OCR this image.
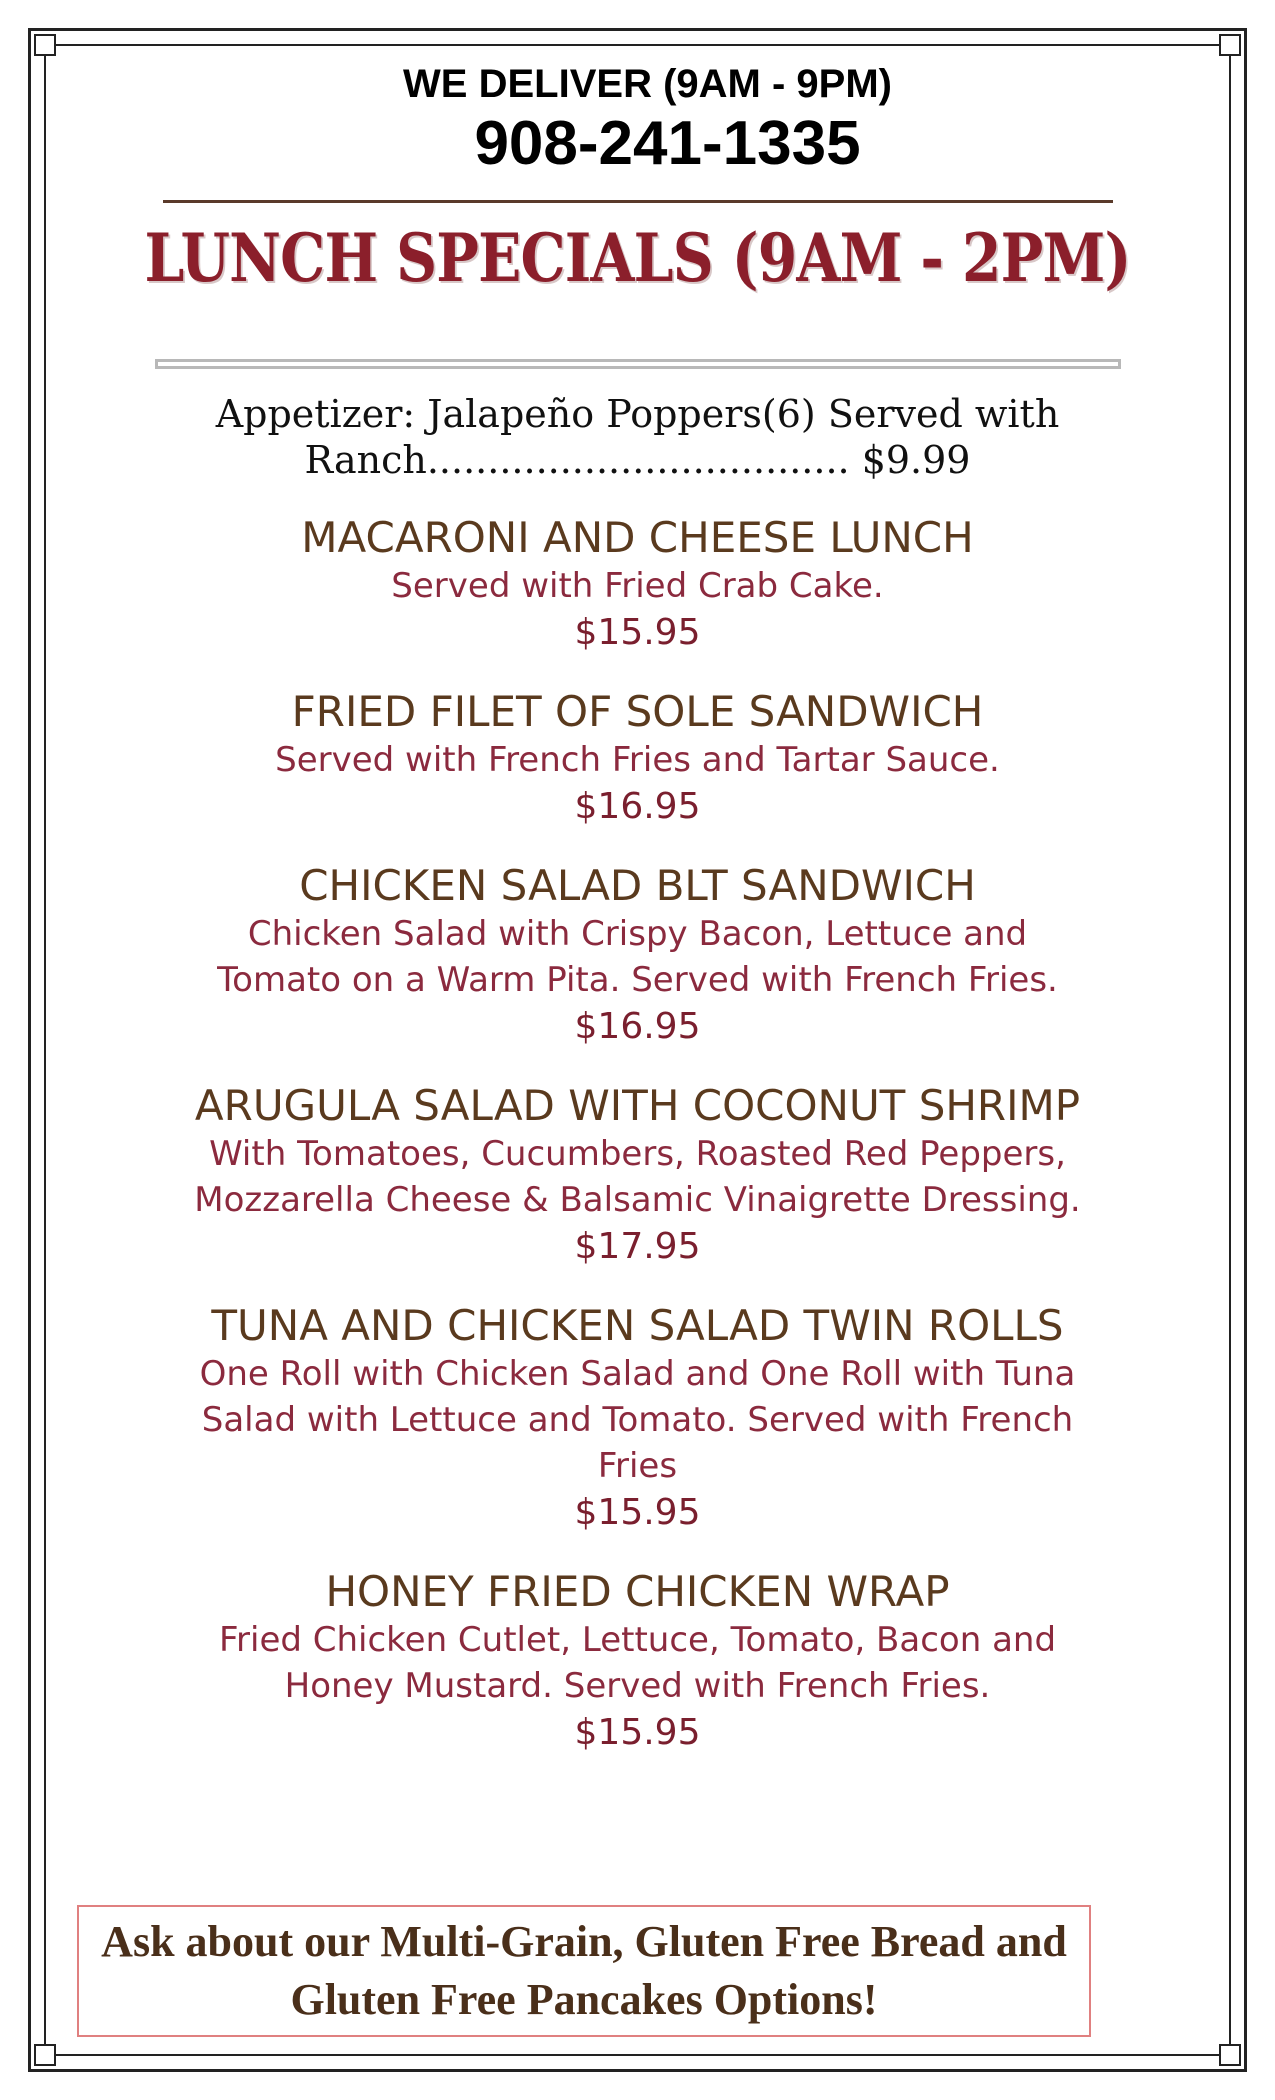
WE DELIVER (9AM - 9PM)

908-241-1335

LUNCH SPECIALS (9AM - 2PM)
Appetizer: Jalapeño Poppers(6) Served with
Ranch................................... $9.99

MACARONI AND CHEESE LUNCH

Served with Fried Crab Cake.

$15.95

FRIED FILET OF SOLE SANDWICH

Served with French Fries and Tartar Sauce.

$16.95

CHICKEN SALAD BLT SANDWICH

Chicken Salad with Crispy Bacon, Lettuce and

Tomato on a Warm Pita. Served with French Fries.

$16.95

ARUGULA SALAD WITH COCONUT SHRIMP

With Tomatoes, Cucumbers, Roasted Red Peppers,

Mozzarella Cheese & Balsamic Vinaigrette Dressing.

$17.95

TUNA AND CHICKEN SALAD TWIN ROLLS

One Roll with Chicken Salad and One Roll with Tuna

Salad with Lettuce and Tomato. Served with French

Fries

$15.95

HONEY FRIED CHICKEN WRAP

Fried Chicken Cutlet, Lettuce, Tomato, Bacon and

Honey Mustard. Served with French Fries.

$15.95

Ask about our Multi-Grain, Gluten Free Bread and
Gluten Free Pancakes Options!
